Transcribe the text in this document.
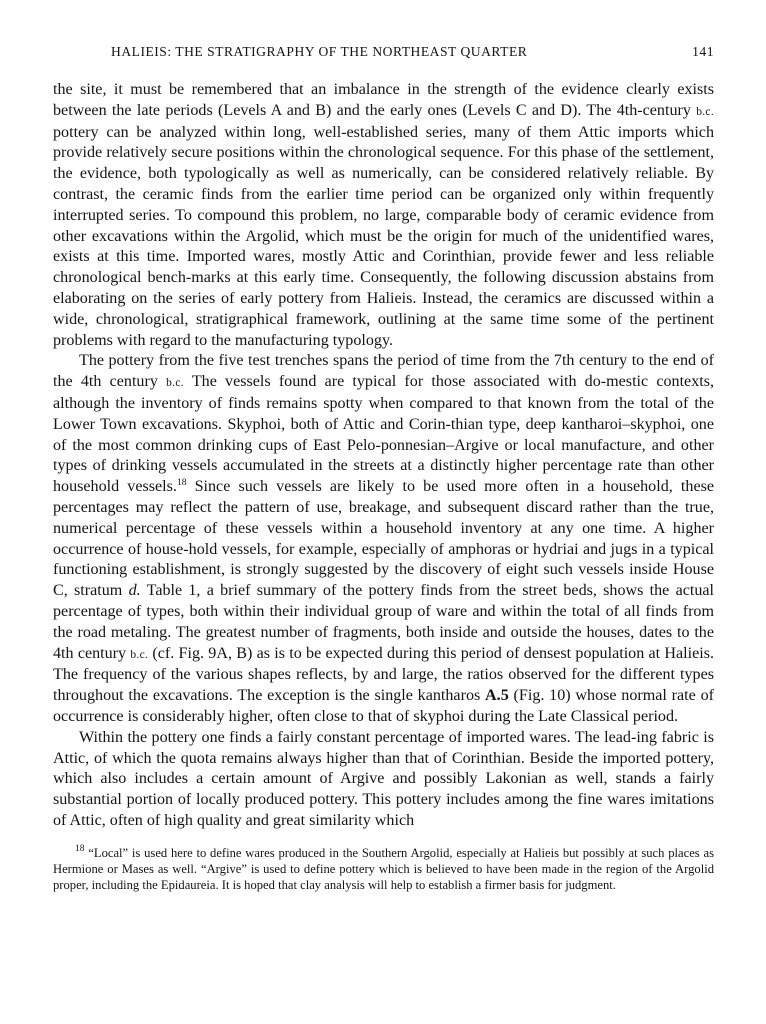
HALIEIS: THE STRATIGRAPHY OF THE NORTHEAST QUARTER	141

the site, it must be remembered that an imbalance in the strength of the evidence clearly exists between the late periods (Levels A and B) and the early ones (Levels C and D). The 4th-century b.c. pottery can be analyzed within long, well-established series, many of them Attic imports which provide relatively secure positions within the chronological sequence. For this phase of the settlement, the evidence, both typologically as well as numerically, can be considered relatively reliable. By contrast, the ceramic finds from the earlier time period can be organized only within frequently interrupted series. To compound this problem, no large, comparable body of ceramic evidence from other excavations within the Argolid, which must be the origin for much of the unidentified wares, exists at this time. Imported wares, mostly Attic and Corinthian, provide fewer and less reliable chronological bench-marks at this early time. Consequently, the following discussion abstains from elaborating on the series of early pottery from Halieis. Instead, the ceramics are discussed within a wide, chronological, stratigraphical framework, outlining at the same time some of the pertinent problems with regard to the manufacturing typology.

The pottery from the five test trenches spans the period of time from the 7th century to the end of the 4th century b.c. The vessels found are typical for those associated with do-mestic contexts, although the inventory of finds remains spotty when compared to that known from the total of the Lower Town excavations. Skyphoi, both of Attic and Corin-thian type, deep kantharoi–skyphoi, one of the most common drinking cups of East Pelo-ponnesian–Argive or local manufacture, and other types of drinking vessels accumulated in the streets at a distinctly higher percentage rate than other household vessels.$^{18}$ Since such vessels are likely to be used more often in a household, these percentages may reflect the pattern of use, breakage, and subsequent discard rather than the true, numerical percentage of these vessels within a household inventory at any one time. A higher occurrence of house-hold vessels, for example, especially of amphoras or hydriai and jugs in a typical functioning establishment, is strongly suggested by the discovery of eight such vessels inside House C, stratum d. Table 1, a brief summary of the pottery finds from the street beds, shows the actual percentage of types, both within their individual group of ware and within the total of all finds from the road metaling. The greatest number of fragments, both inside and outside the houses, dates to the 4th century b.c. (cf. Fig. 9A, B) as is to be expected during this period of densest population at Halieis. The frequency of the various shapes reflects, by and large, the ratios observed for the different types throughout the excavations. The exception is the single kantharos A.5 (Fig. 10) whose normal rate of occurrence is considerably higher, often close to that of skyphoi during the Late Classical period.

Within the pottery one finds a fairly constant percentage of imported wares. The lead-ing fabric is Attic, of which the quota remains always higher than that of Corinthian. Beside the imported pottery, which also includes a certain amount of Argive and possibly Lakonian as well, stands a fairly substantial portion of locally produced pottery. This pottery includes among the fine wares imitations of Attic, often of high quality and great similarity which

$^{18}$ “Local” is used here to define wares produced in the Southern Argolid, especially at Halieis but possibly at such places as Hermione or Mases as well. “Argive” is used to define pottery which is believed to have been made in the region of the Argolid proper, including the Epidaureia. It is hoped that clay analysis will help to establish a firmer basis for judgment.
